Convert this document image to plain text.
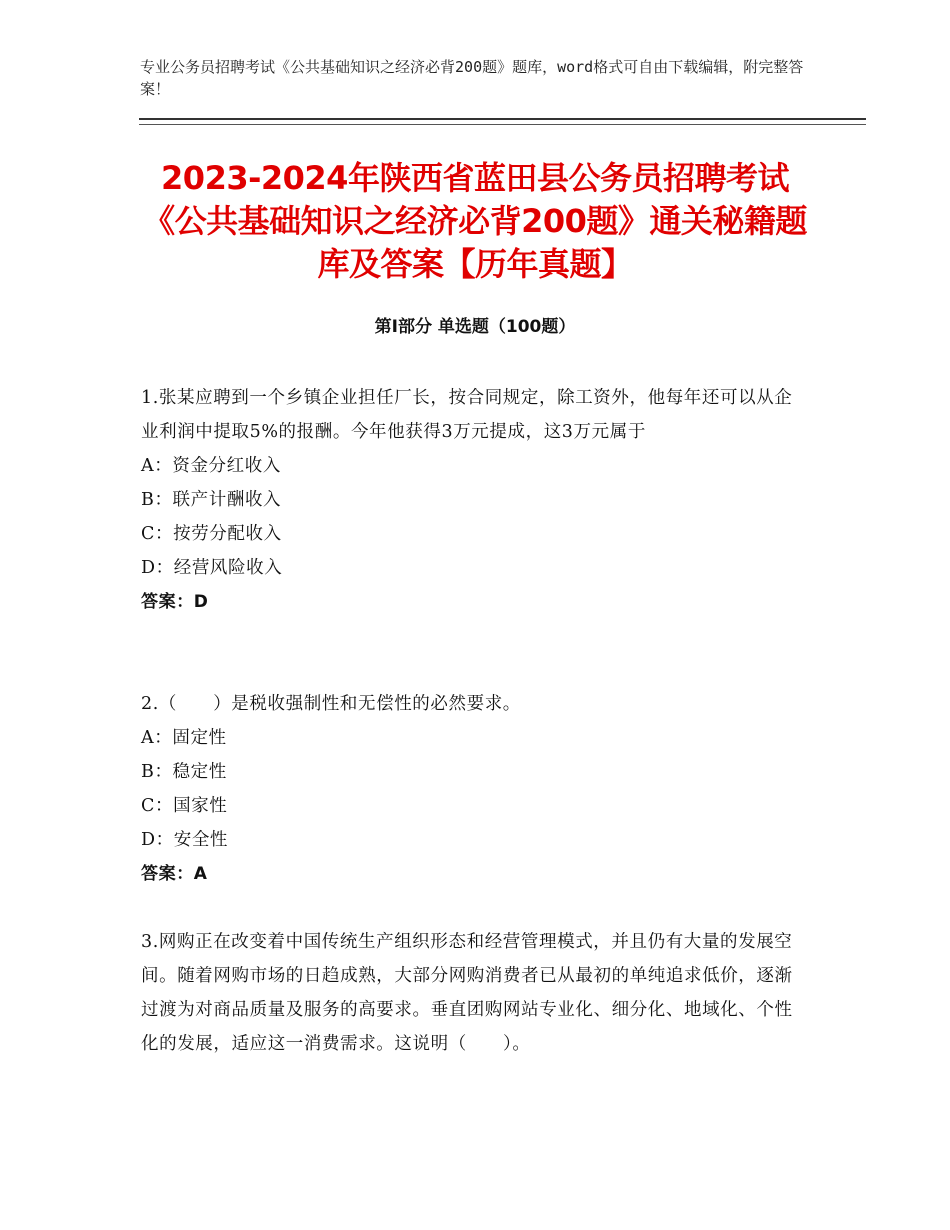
专业公务员招聘考试《公共基础知识之经济必背200题》题库，word格式可自由下载编辑，附完整答案！
2023-2024年陕西省蓝田县公务员招聘考试《公共基础知识之经济必背200题》通关秘籍题库及答案【历年真题】
第Ⅰ部分 单选题（100题）

1.张某应聘到一个乡镇企业担任厂长，按合同规定，除工资外，他每年还可以从企业利润中提取5%的报酬。今年他获得3万元提成，这3万元属于

A：资金分红收入

B：联产计酬收入

C：按劳分配收入

D：经营风险收入

答案：D

2.（　　）是税收强制性和无偿性的必然要求。

A：固定性

B：稳定性

C：国家性

D：安全性

答案：A

3.网购正在改变着中国传统生产组织形态和经营管理模式，并且仍有大量的发展空间。随着网购市场的日趋成熟，大部分网购消费者已从最初的单纯追求低价，逐渐过渡为对商品质量及服务的高要求。垂直团购网站专业化、细分化、地域化、个性化的发展，适应这一消费需求。这说明（　　）。
